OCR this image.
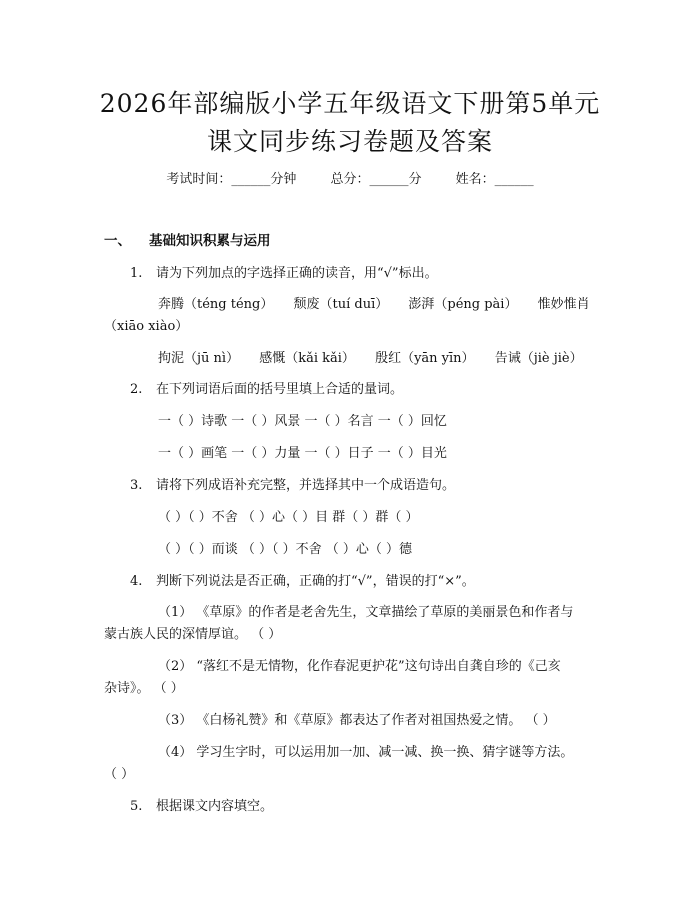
2026年部编版小学五年级语文下册第5单元
课文同步练习卷题及答案
考试时间：______分钟	总分：______分	姓名：______
一、 基础知识积累与运用
1. 请为下列加点的字选择正确的读音，用“√”标出。
奔腾（téng téng） 颓废（tuí duī） 澎湃（péng pài） 惟妙惟肖
（xiāo xiào）
拘泥（jū nì） 感慨（kǎi kǎi） 殷红（yān yīn） 告诫（jiè jiè）
2. 在下列词语后面的括号里填上合适的量词。
一（ ）诗歌 一（ ）风景 一（ ）名言 一（ ）回忆
一（ ）画笔 一（ ）力量 一（ ）日子 一（ ）目光
3. 请将下列成语补充完整，并选择其中一个成语造句。
（ ）（ ）不舍 （ ）心（ ）目 群（ ）群（ ）
（ ）（ ）而谈 （ ）（ ）不舍 （ ）心（ ）德
4. 判断下列说法是否正确，正确的打“√”，错误的打“×”。
（1） 《草原》的作者是老舍先生，文章描绘了草原的美丽景色和作者与
蒙古族人民的深情厚谊。 （ ）
（2） “落红不是无情物，化作春泥更护花”这句诗出自龚自珍的《己亥
杂诗》。 （ ）
（3） 《白杨礼赞》和《草原》都表达了作者对祖国热爱之情。 （ ）
（4） 学习生字时，可以运用加一加、减一减、换一换、猜字谜等方法。
（ ）
5. 根据课文内容填空。
